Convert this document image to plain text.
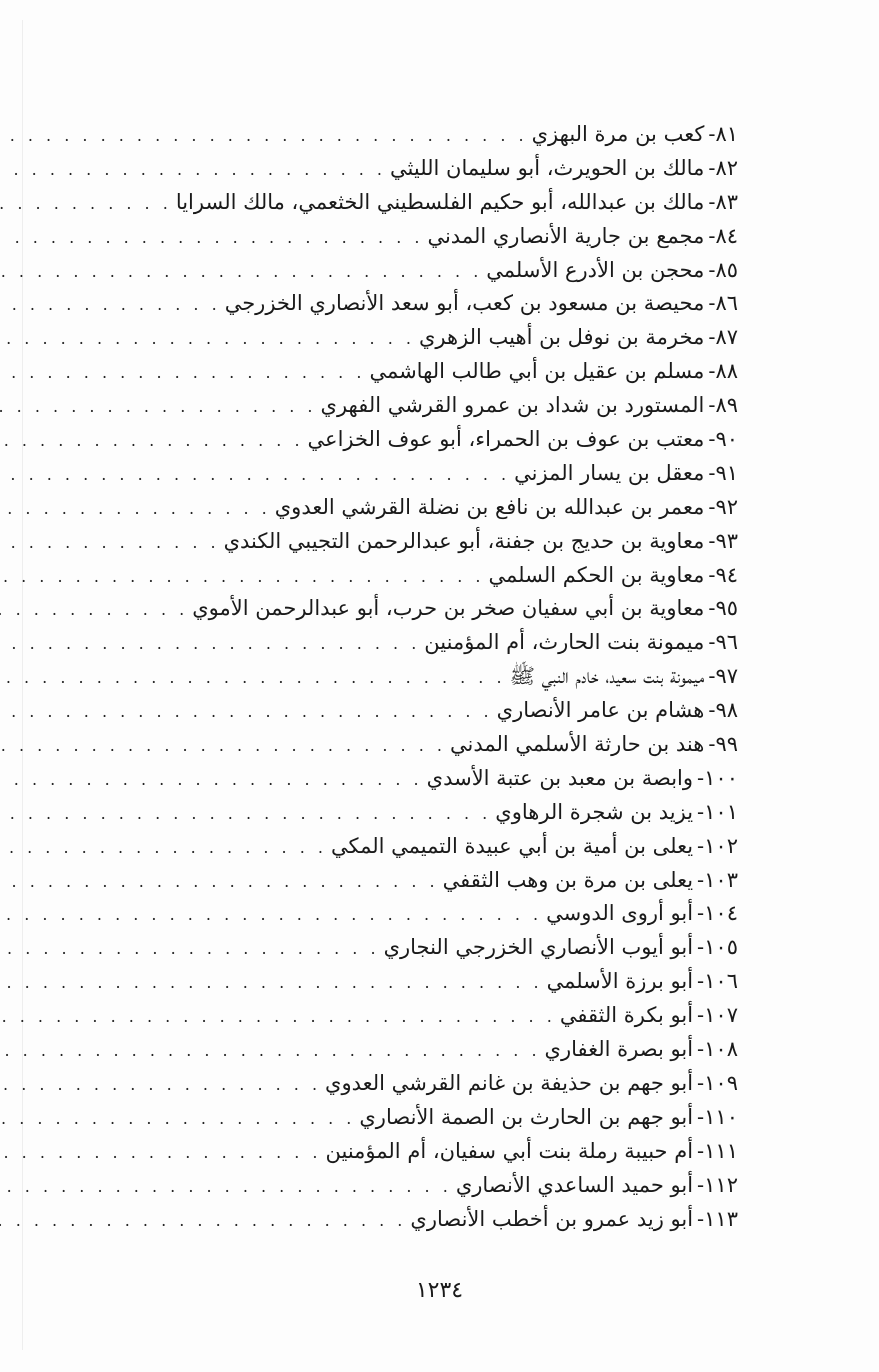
٨١-
كعب بن مرة البهزي
. . .
٨٢-
مالك بن الحويرث، أبو سليمان الليثي
. . .
٨٣-
مالك بن عبدالله، أبو حكيم الفلسطيني الخثعمي، مالك السرايا
. . .
٨٤-
مجمع بن جارية الأنصاري المدني
. . .
٨٥-
محجن بن الأدرع الأسلمي
. . .
٨٦-
محيصة بن مسعود بن كعب، أبو سعد الأنصاري الخزرجي
. . .
٨٧-
مخرمة بن نوفل بن أهيب الزهري
. . .
٨٨-
مسلم بن عقيل بن أبي طالب الهاشمي
. . .
٨٩-
المستورد بن شداد بن عمرو القرشي الفهري
. . .
٩٠-
معتب بن عوف بن الحمراء، أبو عوف الخزاعي
. . .
٩١-
معقل بن يسار المزني
. . .
٩٢-
معمر بن عبدالله بن نافع بن نضلة القرشي العدوي
. . .
٩٣-
معاوية بن حديج بن جفنة، أبو عبدالرحمن التجيبي الكندي
. . .
٩٤-
معاوية بن الحكم السلمي
. . .
٩٥-
معاوية بن أبي سفيان صخر بن حرب، أبو عبدالرحمن الأموي
. . .
٩٦-
ميمونة بنت الحارث، أم المؤمنين
. . .
٩٧-
ميمونة بنت سعيد، خادم النبي ﷺ
. . .
٩٨-
هشام بن عامر الأنصاري
. . .
٩٩-
هند بن حارثة الأسلمي المدني
. . .
١٠٠-
وابصة بن معبد بن عتبة الأسدي
. . .
١٠١-
يزيد بن شجرة الرهاوي
. . .
١٠٢-
يعلى بن أمية بن أبي عبيدة التميمي المكي
. . .
١٠٣-
يعلى بن مرة بن وهب الثقفي
. . .
١٠٤-
أبو أروى الدوسي
. . .
١٠٥-
أبو أيوب الأنصاري الخزرجي النجاري
. . .
١٠٦-
أبو برزة الأسلمي
. . .
١٠٧-
أبو بكرة الثقفي
. . .
١٠٨-
أبو بصرة الغفاري
. . .
١٠٩-
أبو جهم بن حذيفة بن غانم القرشي العدوي
. . .
١١٠-
أبو جهم بن الحارث بن الصمة الأنصاري
. . .
١١١-
أم حبيبة رملة بنت أبي سفيان، أم المؤمنين
. . .
١١٢-
أبو حميد الساعدي الأنصاري
. . .
١١٣-
أبو زيد عمرو بن أخطب الأنصاري
. . .
١٢٣٤
